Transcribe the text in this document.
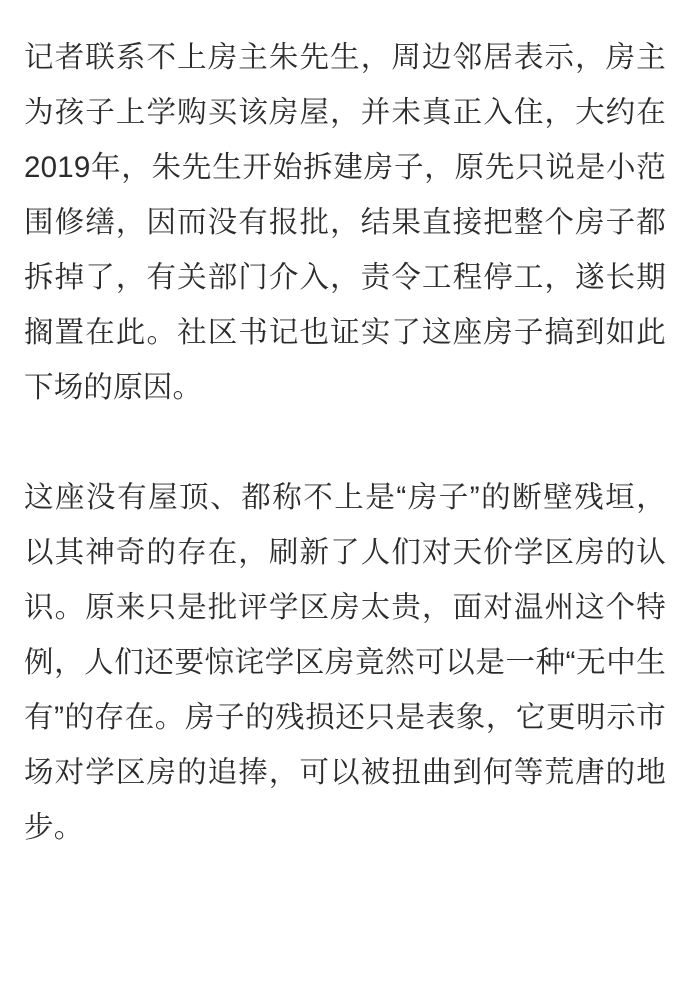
记者联系不上房主朱先生，周边邻居表示，房主为孩子上学购买该房屋，并未真正入住，大约在2019年，朱先生开始拆建房子，原先只说是小范围修缮，因而没有报批，结果直接把整个房子都拆掉了，有关部门介入，责令工程停工，遂长期搁置在此。社区书记也证实了这座房子搞到如此下场的原因。

这座没有屋顶、都称不上是“房子”的断壁残垣，以其神奇的存在，刷新了人们对天价学区房的认识。原来只是批评学区房太贵，面对温州这个特例，人们还要惊诧学区房竟然可以是一种“无中生有”的存在。房子的残损还只是表象，它更明示市场对学区房的追捧，可以被扭曲到何等荒唐的地步。
